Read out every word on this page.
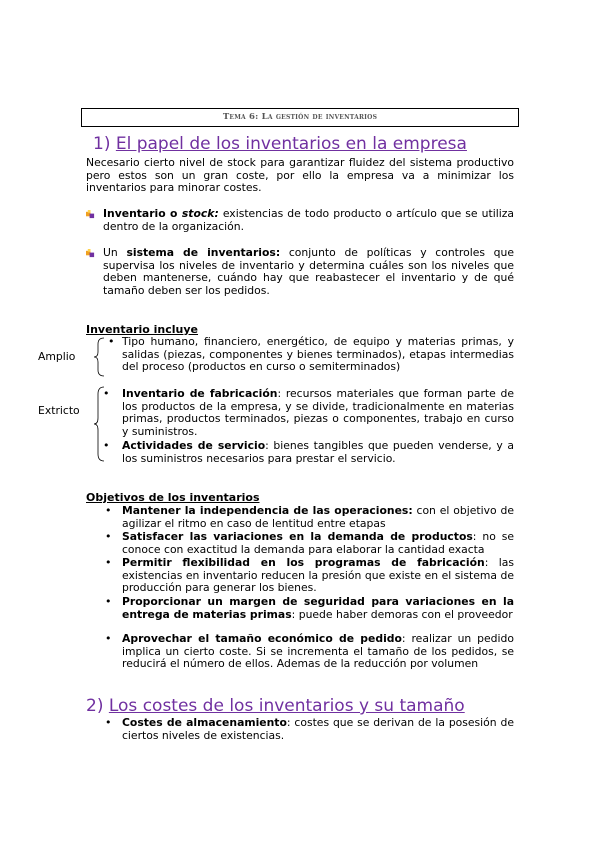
Tema 6: La gestión de inventarios
1) El papel de los inventarios en la empresa
Necesario cierto nivel de stock para garantizar fluidez del sistema productivo pero estos son un gran coste, por ello la empresa va a minimizar los inventarios para minorar costes.
Inventario o stock: existencias de todo producto o artículo que se utiliza dentro de la organización.
Un sistema de inventarios: conjunto de políticas y controles que supervisa los niveles de inventario y determina cuáles son los niveles que deben mantenerse, cuándo hay que reabastecer el inventario y de qué tamaño deben ser los pedidos.
Inventario incluye
Amplio
Extricto
• Tipo humano, financiero, energético, de equipo y materias primas, y salidas (piezas, componentes y bienes terminados), etapas intermedias del proceso (productos en curso o semiterminados)
• Inventario de fabricación: recursos materiales que forman parte de los productos de la empresa, y se divide, tradicionalmente en materias primas, productos terminados, piezas o componentes, trabajo en curso y suministros.
• Actividades de servicio: bienes tangibles que pueden venderse, y a los suministros necesarios para prestar el servicio.
Objetivos de los inventarios
• Mantener la independencia de las operaciones: con el objetivo de agilizar el ritmo en caso de lentitud entre etapas
• Satisfacer las variaciones en la demanda de productos: no se conoce con exactitud la demanda para elaborar la cantidad exacta
• Permitir flexibilidad en los programas de fabricación: las existencias en inventario reducen la presión que existe en el sistema de producción para generar los bienes.
• Proporcionar un margen de seguridad para variaciones en la entrega de materias primas: puede haber demoras con el proveedor
• Aprovechar el tamaño económico de pedido: realizar un pedido implica un cierto coste. Si se incrementa el tamaño de los pedidos, se reducirá el número de ellos. Ademas de la reducción por volumen
2) Los costes de los inventarios y su tamaño
• Costes de almacenamiento: costes que se derivan de la posesión de ciertos niveles de existencias.
